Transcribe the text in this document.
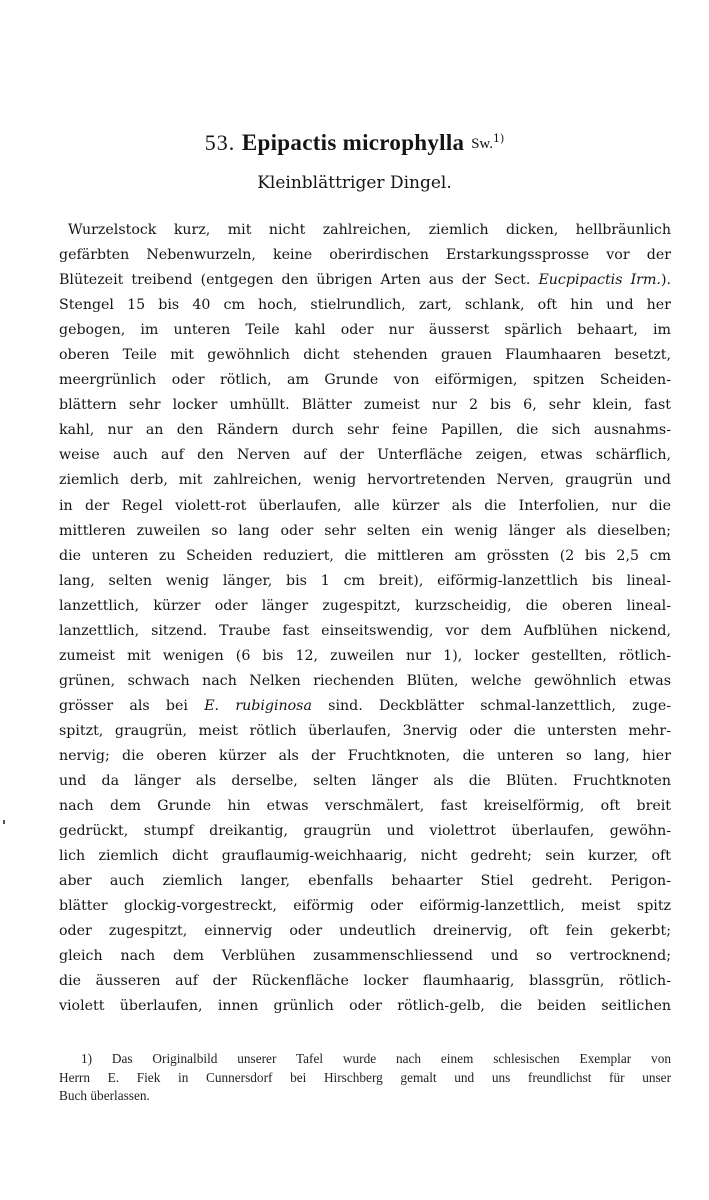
53. Epipactis microphylla Sw.$^{1)}$
Kleinblättriger Dingel.
Wurzelstock kurz, mit nicht zahlreichen, ziemlich dicken, hellbräunlich
gefärbten Nebenwurzeln, keine oberirdischen Erstarkungssprosse vor der
Blütezeit treibend (entgegen den übrigen Arten aus der Sect. Eucpipactis Irm.).
Stengel 15 bis 40 cm hoch, stielrundlich, zart, schlank, oft hin und her
gebogen, im unteren Teile kahl oder nur äusserst spärlich behaart, im
oberen Teile mit gewöhnlich dicht stehenden grauen Flaumhaaren besetzt,
meergrünlich oder rötlich, am Grunde von eiförmigen, spitzen Scheiden-
blättern sehr locker umhüllt. Blätter zumeist nur 2 bis 6, sehr klein, fast
kahl, nur an den Rändern durch sehr feine Papillen, die sich ausnahms-
weise auch auf den Nerven auf der Unterfläche zeigen, etwas schärflich,
ziemlich derb, mit zahlreichen, wenig hervortretenden Nerven, graugrün und
in der Regel violett-rot überlaufen, alle kürzer als die Interfolien, nur die
mittleren zuweilen so lang oder sehr selten ein wenig länger als dieselben;
die unteren zu Scheiden reduziert, die mittleren am grössten (2 bis 2,5 cm
lang, selten wenig länger, bis 1 cm breit), eiförmig-lanzettlich bis lineal-
lanzettlich, kürzer oder länger zugespitzt, kurzscheidig, die oberen lineal-
lanzettlich, sitzend. Traube fast einseitswendig, vor dem Aufblühen nickend,
zumeist mit wenigen (6 bis 12, zuweilen nur 1), locker gestellten, rötlich-
grünen, schwach nach Nelken riechenden Blüten, welche gewöhnlich etwas
grösser als bei E. rubiginosa sind. Deckblätter schmal-lanzettlich, zuge-
spitzt, graugrün, meist rötlich überlaufen, 3nervig oder die untersten mehr-
nervig; die oberen kürzer als der Fruchtknoten, die unteren so lang, hier
und da länger als derselbe, selten länger als die Blüten. Fruchtknoten
nach dem Grunde hin etwas verschmälert, fast kreiselförmig, oft breit
gedrückt, stumpf dreikantig, graugrün und violettrot überlaufen, gewöhn-
lich ziemlich dicht grauflaumig-weichhaarig, nicht gedreht; sein kurzer, oft
aber auch ziemlich langer, ebenfalls behaarter Stiel gedreht. Perigon-
blätter glockig-vorgestreckt, eiförmig oder eiförmig-lanzettlich, meist spitz
oder zugespitzt, einnervig oder undeutlich dreinervig, oft fein gekerbt;
gleich nach dem Verblühen zusammenschliessend und so vertrocknend;
die äusseren auf der Rückenfläche locker flaumhaarig, blassgrün, rötlich-
violett überlaufen, innen grünlich oder rötlich-gelb, die beiden seitlichen
1) Das Originalbild unserer Tafel wurde nach einem schlesischen Exemplar von
Herrn E. Fiek in Cunnersdorf bei Hirschberg gemalt und uns freundlichst für unser
Buch überlassen.
